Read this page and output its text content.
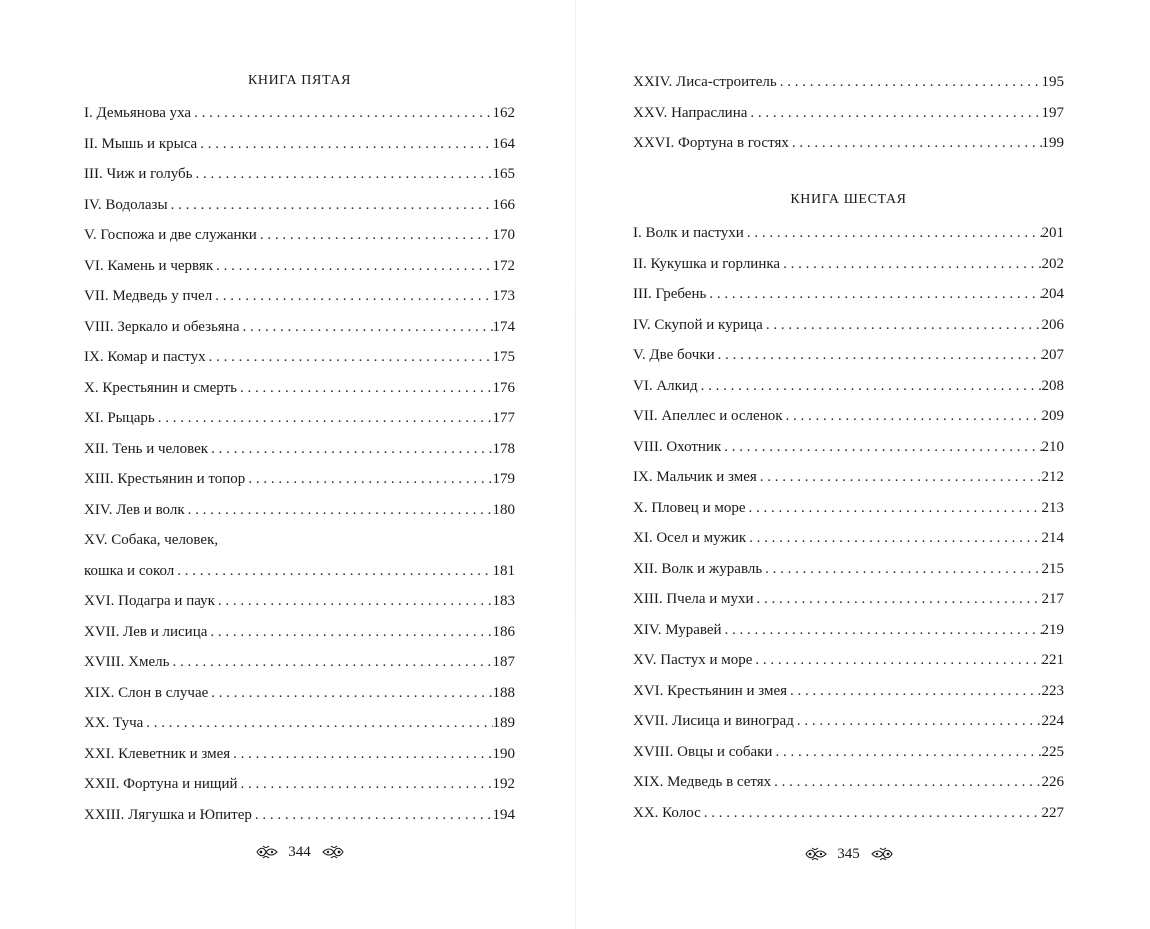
КНИГА ПЯТАЯ
I. Демьянова уха . . .	162
II. Мышь и крыса . . .	164
III. Чиж и голубь . . .	165
IV. Водолазы . . .	166
V. Госпожа и две служанки . . .	170
VI. Камень и червяк . . .	172
VII. Медведь у пчел . . .	173
VIII. Зеркало и обезьяна . . .	174
IX. Комар и пастух . . .	175
X. Крестьянин и смерть . . .	176
XI. Рыцарь . . .	177
XII. Тень и человек . . .	178
XIII. Крестьянин и топор . . .	179
XIV. Лев и волк . . .	180
XV. Собака, человек,
кошка и сокол . . .	181
XVI. Подагра и паук . . .	183
XVII. Лев и лисица . . .	186
XVIII. Хмель . . .	187
XIX. Слон в случае . . .	188
XX. Туча . . .	189
XXI. Клеветник и змея . . .	190
XXII. Фортуна и нищий . . .	192
XXIII. Лягушка и Юпитер . . .	194
344
XXIV. Лиса-строитель . . .	195
XXV. Напраслина . . .	197
XXVI. Фортуна в гостях . . .	199
КНИГА ШЕСТАЯ
I. Волк и пастухи . . .	201
II. Кукушка и горлинка . . .	202
III. Гребень . . .	204
IV. Скупой и курица . . .	206
V. Две бочки . . .	207
VI. Алкид . . .	208
VII. Апеллес и осленок . . .	209
VIII. Охотник . . .	210
IX. Мальчик и змея . . .	212
X. Пловец и море . . .	213
XI. Осел и мужик . . .	214
XII. Волк и журавль . . .	215
XIII. Пчела и мухи . . .	217
XIV. Муравей . . .	219
XV. Пастух и море . . .	221
XVI. Крестьянин и змея . . .	223
XVII. Лисица и виноград . . .	224
XVIII. Овцы и собаки . . .	225
XIX. Медведь в сетях . . .	226
XX. Колос . . .	227
345
